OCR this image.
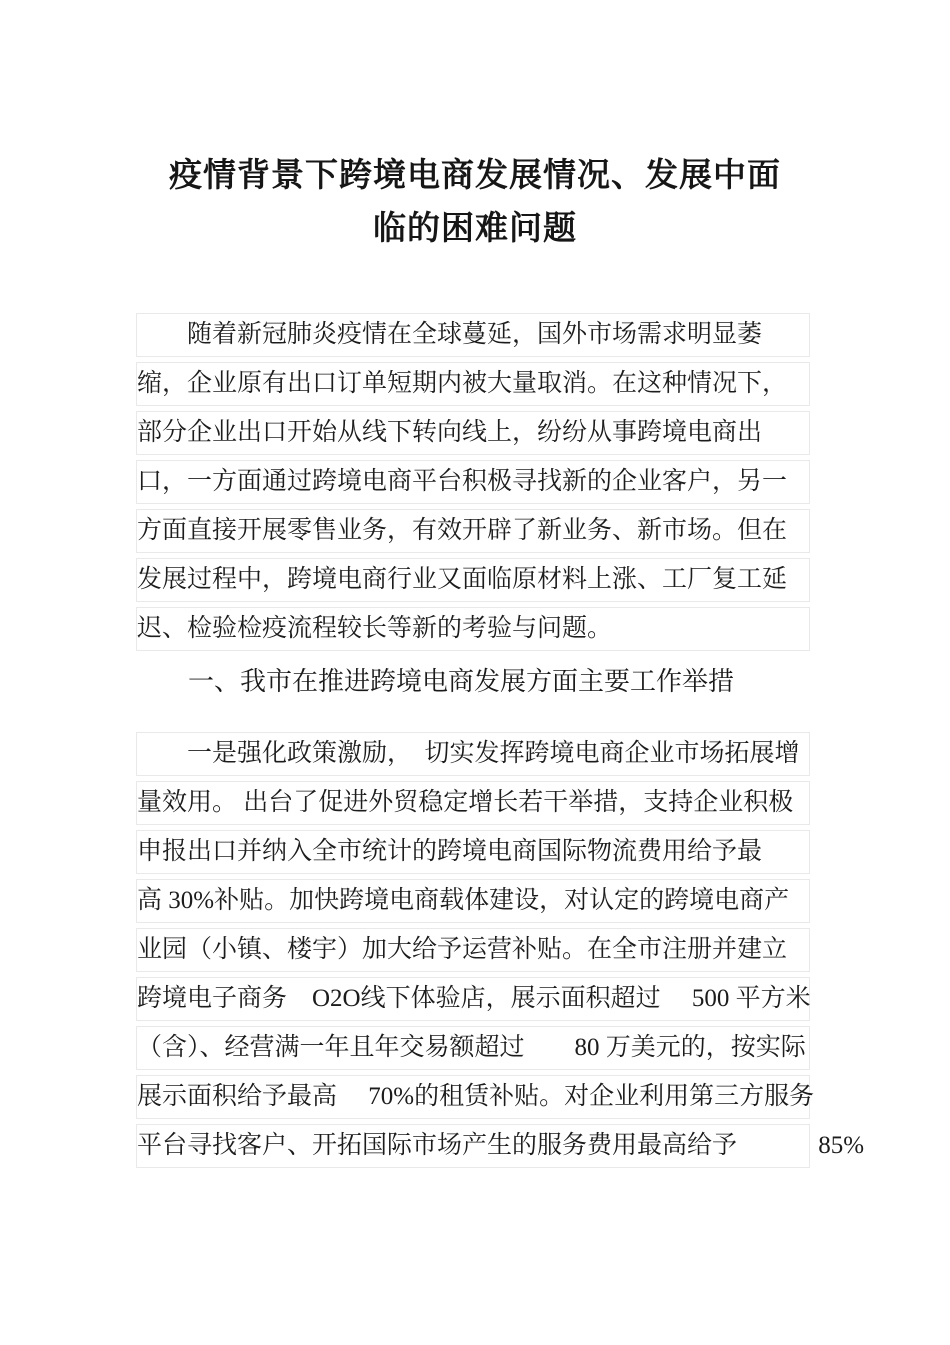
疫情背景下跨境电商发展情况、发展中面
临的困难问题
　　随着新冠肺炎疫情在全球蔓延，国外市场需求明显萎
缩，企业原有出口订单短期内被大量取消。在这种情况下，
部分企业出口开始从线下转向线上，纷纷从事跨境电商出
口，一方面通过跨境电商平台积极寻找新的企业客户，另一
方面直接开展零售业务，有效开辟了新业务、新市场。但在
发展过程中，跨境电商行业又面临原材料上涨、工厂复工延
迟、检验检疫流程较长等新的考验与问题。
　　一、我市在推进跨境电商发展方面主要工作举措
　　一是强化政策激励，　切实发挥跨境电商企业市场拓展增
量效用。 出台了促进外贸稳定增长若干举措，支持企业积极
申报出口并纳入全市统计的跨境电商国际物流费用给予最
高 30%补贴。加快跨境电商载体建设，对认定的跨境电商产
业园（小镇、楼宇）加大给予运营补贴。在全市注册并建立
跨境电子商务　O2O线下体验店，展示面积超过　 500 平方米
（含）、经营满一年且年交易额超过　　80 万美元的，按实际
展示面积给予最高　 70%的租赁补贴。对企业利用第三方服务
平台寻找客户、开拓国际市场产生的服务费用最高给予　　　 85%
